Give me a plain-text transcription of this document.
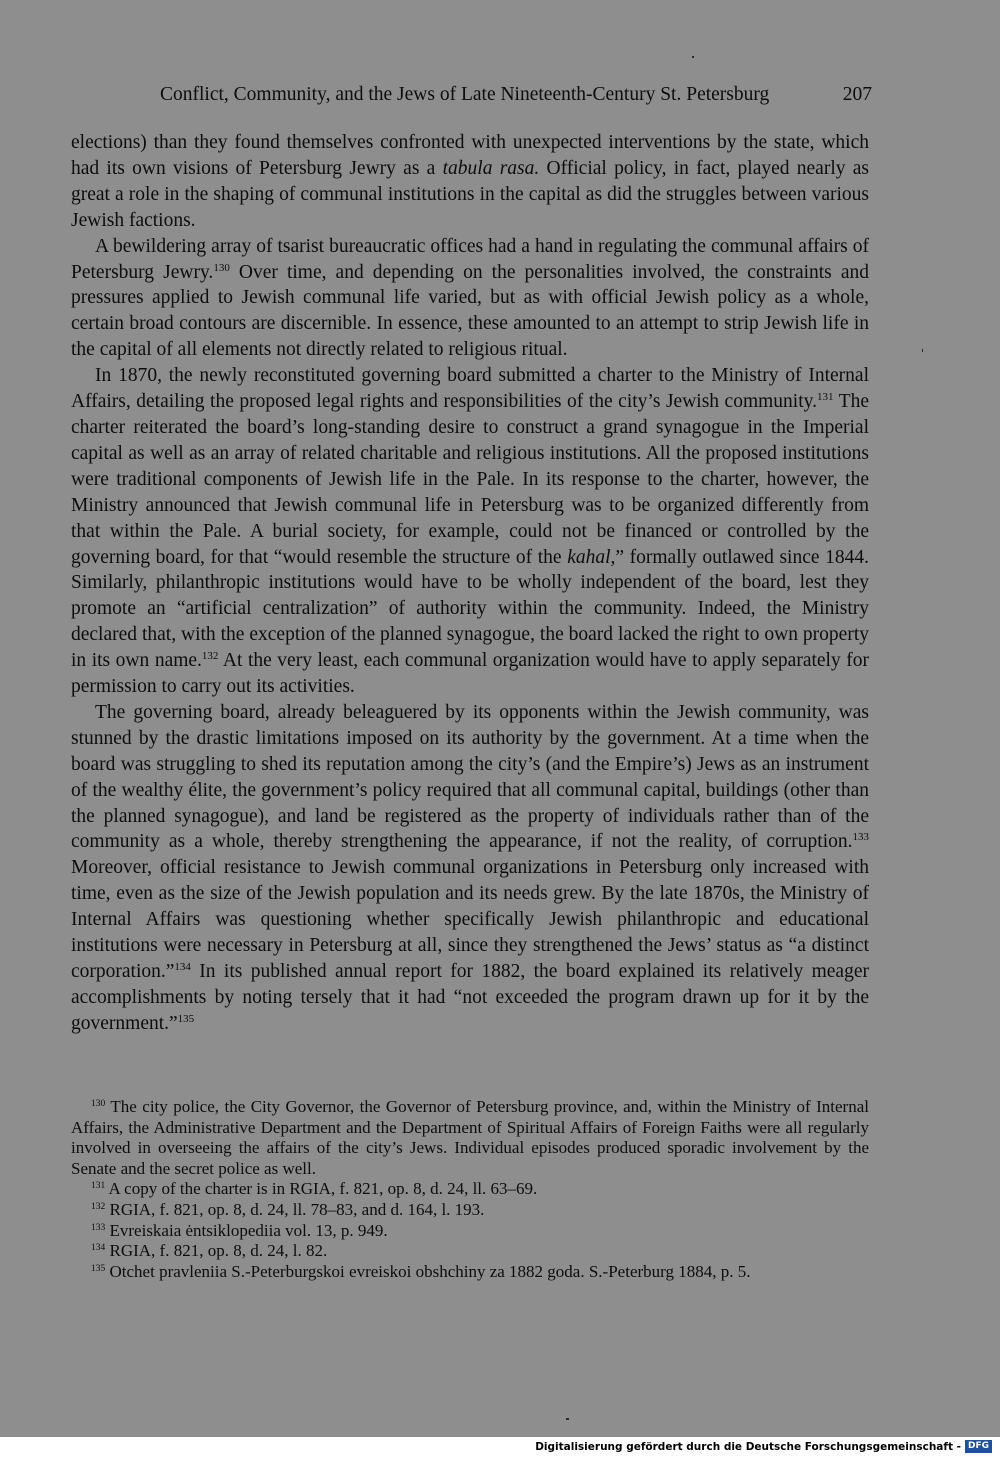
Conflict, Community, and the Jews of Late Nineteenth-Century St. Petersburg	207

elections) than they found themselves confronted with unexpected interventions by the state, which had its own visions of Petersburg Jewry as a tabula rasa. Official policy, in fact, played nearly as great a role in the shaping of communal institutions in the capital as did the struggles between various Jewish factions.

A bewildering array of tsarist bureaucratic offices had a hand in regulating the communal affairs of Petersburg Jewry.$^{130}$ Over time, and depending on the personalities involved, the constraints and pressures applied to Jewish communal life varied, but as with official Jewish policy as a whole, certain broad contours are discernible. In essence, these amounted to an attempt to strip Jewish life in the capital of all elements not directly related to religious ritual.

In 1870, the newly reconstituted governing board submitted a charter to the Ministry of Internal Affairs, detailing the proposed legal rights and responsibilities of the city’s Jewish community.$^{131}$ The charter reiterated the board’s long-standing desire to construct a grand synagogue in the Imperial capital as well as an array of related charitable and religious institutions. All the proposed institutions were traditional components of Jewish life in the Pale. In its response to the charter, however, the Ministry announced that Jewish communal life in Petersburg was to be organized differently from that within the Pale. A burial society, for example, could not be financed or controlled by the governing board, for that “would resemble the structure of the kahal,” formally outlawed since 1844. Similarly, philanthropic institutions would have to be wholly independent of the board, lest they promote an “artificial centralization” of authority within the community. Indeed, the Ministry declared that, with the exception of the planned synagogue, the board lacked the right to own property in its own name.$^{132}$ At the very least, each communal organization would have to apply separately for permission to carry out its activities.

The governing board, already beleaguered by its opponents within the Jewish community, was stunned by the drastic limitations imposed on its authority by the government. At a time when the board was struggling to shed its reputation among the city’s (and the Empire’s) Jews as an instrument of the wealthy élite, the government’s policy required that all communal capital, buildings (other than the planned synagogue), and land be registered as the property of individuals rather than of the community as a whole, thereby strengthening the appearance, if not the reality, of corruption.$^{133}$ Moreover, official resistance to Jewish communal organizations in Petersburg only increased with time, even as the size of the Jewish population and its needs grew. By the late 1870s, the Ministry of Internal Affairs was questioning whether specifically Jewish philanthropic and educational institutions were necessary in Petersburg at all, since they strengthened the Jews’ status as “a distinct corporation.”$^{134}$ In its published annual report for 1882, the board explained its relatively meager accomplishments by noting tersely that it had “not exceeded the program drawn up for it by the government.”$^{135}$

$^{130}$ The city police, the City Governor, the Governor of Petersburg province, and, within the Ministry of Internal Affairs, the Administrative Department and the Department of Spiritual Affairs of Foreign Faiths were all regularly involved in overseeing the affairs of the city’s Jews. Individual episodes produced sporadic involvement by the Senate and the secret police as well.

$^{131}$ A copy of the charter is in RGIA, f. 821, op. 8, d. 24, ll. 63–69.

$^{132}$ RGIA, f. 821, op. 8, d. 24, ll. 78–83, and d. 164, l. 193.

$^{133}$ Evreiskaia ėntsiklopediia vol. 13, p. 949.

$^{134}$ RGIA, f. 821, op. 8, d. 24, l. 82.

$^{135}$ Otchet pravleniia S.-Peterburgskoi evreiskoi obshchiny za 1882 goda. S.-Peterburg 1884, p. 5.

Digitalisierung gefördert durch die Deutsche Forschungsgemeinschaft - DFG
